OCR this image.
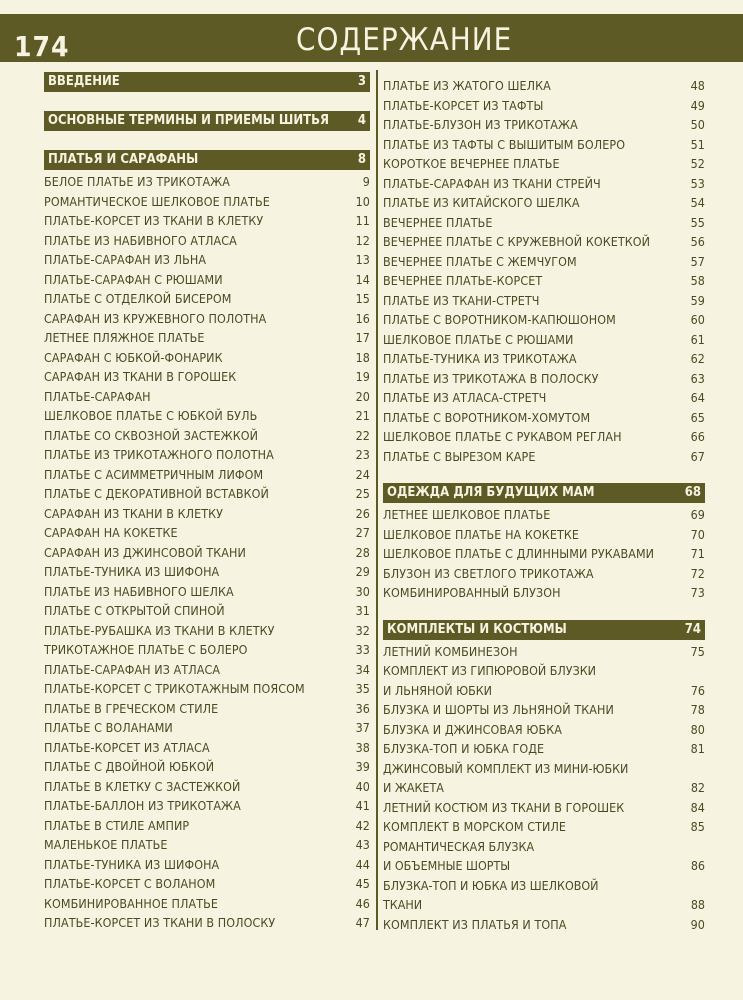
174	СОДЕРЖАНИЕ
ВВЕДЕНИЕ	3
ОСНОВНЫЕ ТЕРМИНЫ И ПРИЕМЫ ШИТЬЯ 4
ПЛАТЬЯ И САРАФАНЫ	8
БЕЛОЕ ПЛАТЬЕ ИЗ ТРИКОТАЖА	9
РОМАНТИЧЕСКОЕ ШЕЛКОВОЕ ПЛАТЬЕ	10
ПЛАТЬЕ-КОРСЕТ ИЗ ТКАНИ В КЛЕТКУ	11
ПЛАТЬЕ ИЗ НАБИВНОГО АТЛАСА	12
ПЛАТЬЕ-САРАФАН ИЗ ЛЬНА	13
ПЛАТЬЕ-САРАФАН С РЮШАМИ	14
ПЛАТЬЕ С ОТДЕЛКОЙ БИСЕРОМ	15
САРАФАН ИЗ КРУЖЕВНОГО ПОЛОТНА	16
ЛЕТНЕЕ ПЛЯЖНОЕ ПЛАТЬЕ	17
САРАФАН С ЮБКОЙ-ФОНАРИК	18
САРАФАН ИЗ ТКАНИ В ГОРОШЕК	19
ПЛАТЬЕ-САРАФАН	20
ШЕЛКОВОЕ ПЛАТЬЕ С ЮБКОЙ БУЛЬ	21
ПЛАТЬЕ СО СКВОЗНОЙ ЗАСТЕЖКОЙ	22
ПЛАТЬЕ ИЗ ТРИКОТАЖНОГО ПОЛОТНА	23
ПЛАТЬЕ С АСИММЕТРИЧНЫМ ЛИФОМ	24
ПЛАТЬЕ С ДЕКОРАТИВНОЙ ВСТАВКОЙ	25
САРАФАН ИЗ ТКАНИ В КЛЕТКУ	26
САРАФАН НА КОКЕТКЕ	27
САРАФАН ИЗ ДЖИНСОВОЙ ТКАНИ	28
ПЛАТЬЕ-ТУНИКА ИЗ ШИФОНА	29
ПЛАТЬЕ ИЗ НАБИВНОГО ШЕЛКА	30
ПЛАТЬЕ С ОТКРЫТОЙ СПИНОЙ	31
ПЛАТЬЕ-РУБАШКА ИЗ ТКАНИ В КЛЕТКУ	32
ТРИКОТАЖНОЕ ПЛАТЬЕ С БОЛЕРО	33
ПЛАТЬЕ-САРАФАН ИЗ АТЛАСА	34
ПЛАТЬЕ-КОРСЕТ С ТРИКОТАЖНЫМ ПОЯСОМ	35
ПЛАТЬЕ В ГРЕЧЕСКОМ СТИЛЕ	36
ПЛАТЬЕ С ВОЛАНАМИ	37
ПЛАТЬЕ-КОРСЕТ ИЗ АТЛАСА	38
ПЛАТЬЕ С ДВОЙНОЙ ЮБКОЙ	39
ПЛАТЬЕ В КЛЕТКУ С ЗАСТЕЖКОЙ	40
ПЛАТЬЕ-БАЛЛОН ИЗ ТРИКОТАЖА	41
ПЛАТЬЕ В СТИЛЕ АМПИР	42
МАЛЕНЬКОЕ ПЛАТЬЕ	43
ПЛАТЬЕ-ТУНИКА ИЗ ШИФОНА	44
ПЛАТЬЕ-КОРСЕТ С ВОЛАНОМ	45
КОМБИНИРОВАННОЕ ПЛАТЬЕ	46
ПЛАТЬЕ-КОРСЕТ ИЗ ТКАНИ В ПОЛОСКУ	47
ПЛАТЬЕ ИЗ ЖАТОГО ШЕЛКА	48
ПЛАТЬЕ-КОРСЕТ ИЗ ТАФТЫ	49
ПЛАТЬЕ-БЛУЗОН ИЗ ТРИКОТАЖА	50
ПЛАТЬЕ ИЗ ТАФТЫ С ВЫШИТЫМ БОЛЕРО	51
КОРОТКОЕ ВЕЧЕРНЕЕ ПЛАТЬЕ	52
ПЛАТЬЕ-САРАФАН ИЗ ТКАНИ СТРЕЙЧ	53
ПЛАТЬЕ ИЗ КИТАЙСКОГО ШЕЛКА	54
ВЕЧЕРНЕЕ ПЛАТЬЕ	55
ВЕЧЕРНЕЕ ПЛАТЬЕ С КРУЖЕВНОЙ КОКЕТКОЙ	56
ВЕЧЕРНЕЕ ПЛАТЬЕ С ЖЕМЧУГОМ	57
ВЕЧЕРНЕЕ ПЛАТЬЕ-КОРСЕТ	58
ПЛАТЬЕ ИЗ ТКАНИ-СТРЕТЧ	59
ПЛАТЬЕ С ВОРОТНИКОМ-КАПЮШОНОМ	60
ШЕЛКОВОЕ ПЛАТЬЕ С РЮШАМИ	61
ПЛАТЬЕ-ТУНИКА ИЗ ТРИКОТАЖА	62
ПЛАТЬЕ ИЗ ТРИКОТАЖА В ПОЛОСКУ	63
ПЛАТЬЕ ИЗ АТЛАСА-СТРЕТЧ	64
ПЛАТЬЕ С ВОРОТНИКОМ-ХОМУТОМ	65
ШЕЛКОВОЕ ПЛАТЬЕ С РУКАВОМ РЕГЛАН	66
ПЛАТЬЕ С ВЫРЕЗОМ КАРЕ	67
ОДЕЖДА ДЛЯ БУДУЩИХ МАМ	68
ЛЕТНЕЕ ШЕЛКОВОЕ ПЛАТЬЕ	69
ШЕЛКОВОЕ ПЛАТЬЕ НА КОКЕТКЕ	70
ШЕЛКОВОЕ ПЛАТЬЕ С ДЛИННЫМИ РУКАВАМИ	71
БЛУЗОН ИЗ СВЕТЛОГО ТРИКОТАЖА	72
КОМБИНИРОВАННЫЙ БЛУЗОН	73
КОМПЛЕКТЫ И КОСТЮМЫ	74
ЛЕТНИЙ КОМБИНЕЗОН	75
КОМПЛЕКТ ИЗ ГИПЮРОВОЙ БЛУЗКИ
И ЛЬНЯНОЙ ЮБКИ	76
БЛУЗКА И ШОРТЫ ИЗ ЛЬНЯНОЙ ТКАНИ	78
БЛУЗКА И ДЖИНСОВАЯ ЮБКА	80
БЛУЗКА-ТОП И ЮБКА ГОДЕ	81
ДЖИНСОВЫЙ КОМПЛЕКТ ИЗ МИНИ-ЮБКИ
И ЖАКЕТА	82
ЛЕТНИЙ КОСТЮМ ИЗ ТКАНИ В ГОРОШЕК	84
КОМПЛЕКТ В МОРСКОМ СТИЛЕ	85
РОМАНТИЧЕСКАЯ БЛУЗКА
И ОБЪЕМНЫЕ ШОРТЫ	86
БЛУЗКА-ТОП И ЮБКА ИЗ ШЕЛКОВОЙ
ТКАНИ	88
КОМПЛЕКТ ИЗ ПЛАТЬЯ И ТОПА	90
